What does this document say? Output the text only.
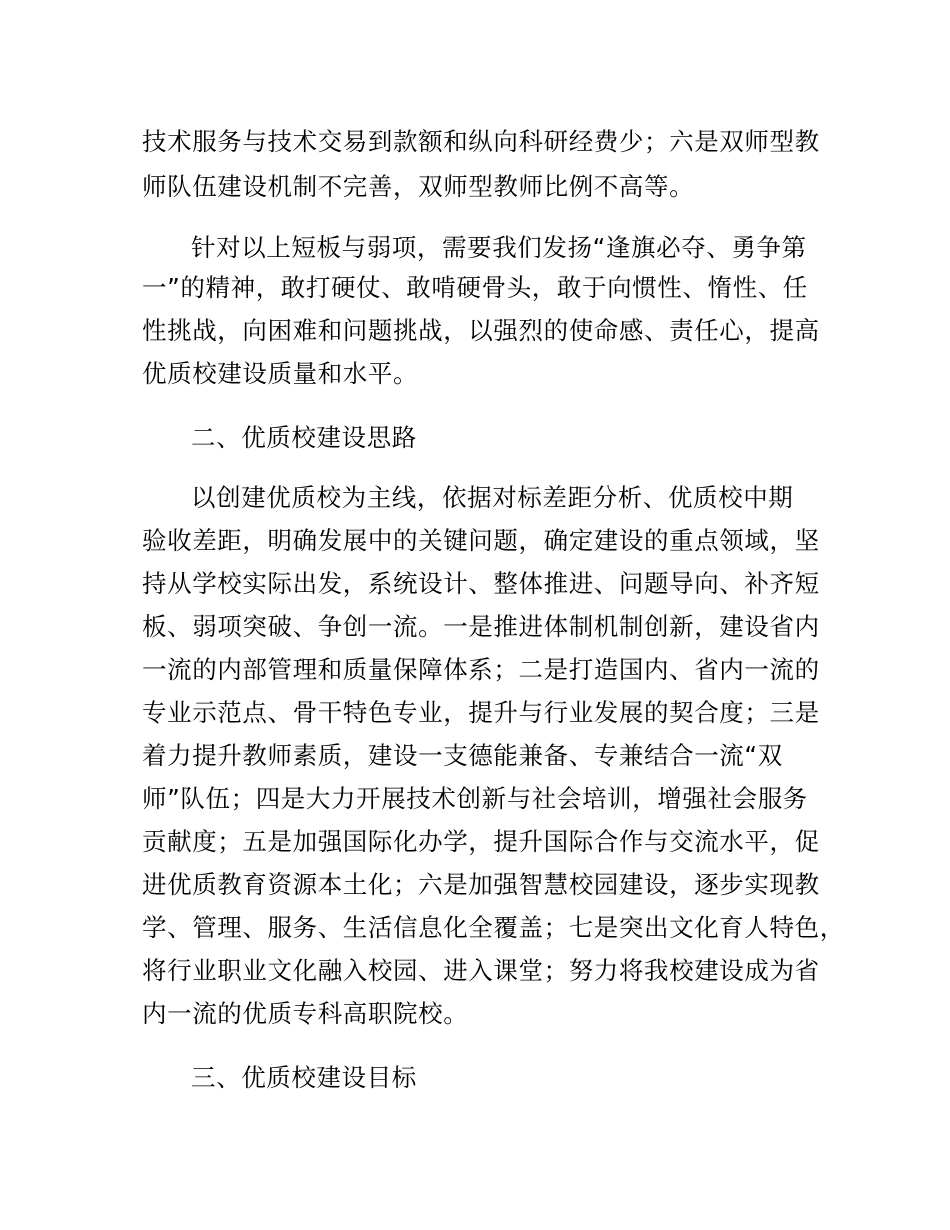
技术服务与技术交易到款额和纵向科研经费少；六是双师型教
师队伍建设机制不完善，双师型教师比例不高等。
针对以上短板与弱项，需要我们发扬“逢旗必夺、勇争第
一”的精神，敢打硬仗、敢啃硬骨头，敢于向惯性、惰性、任
性挑战，向困难和问题挑战，以强烈的使命感、责任心，提高
优质校建设质量和水平。
二、优质校建设思路
以创建优质校为主线，依据对标差距分析、优质校中期
验收差距，明确发展中的关键问题，确定建设的重点领域，坚
持从学校实际出发，系统设计、整体推进、问题导向、补齐短
板、弱项突破、争创一流。一是推进体制机制创新，建设省内
一流的内部管理和质量保障体系；二是打造国内、省内一流的
专业示范点、骨干特色专业，提升与行业发展的契合度；三是
着力提升教师素质，建设一支德能兼备、专兼结合一流“双
师”队伍；四是大力开展技术创新与社会培训，增强社会服务
贡献度；五是加强国际化办学，提升国际合作与交流水平，促
进优质教育资源本土化；六是加强智慧校园建设，逐步实现教
学、管理、服务、生活信息化全覆盖；七是突出文化育人特色，
将行业职业文化融入校园、进入课堂；努力将我校建设成为省
内一流的优质专科高职院校。
三、优质校建设目标
